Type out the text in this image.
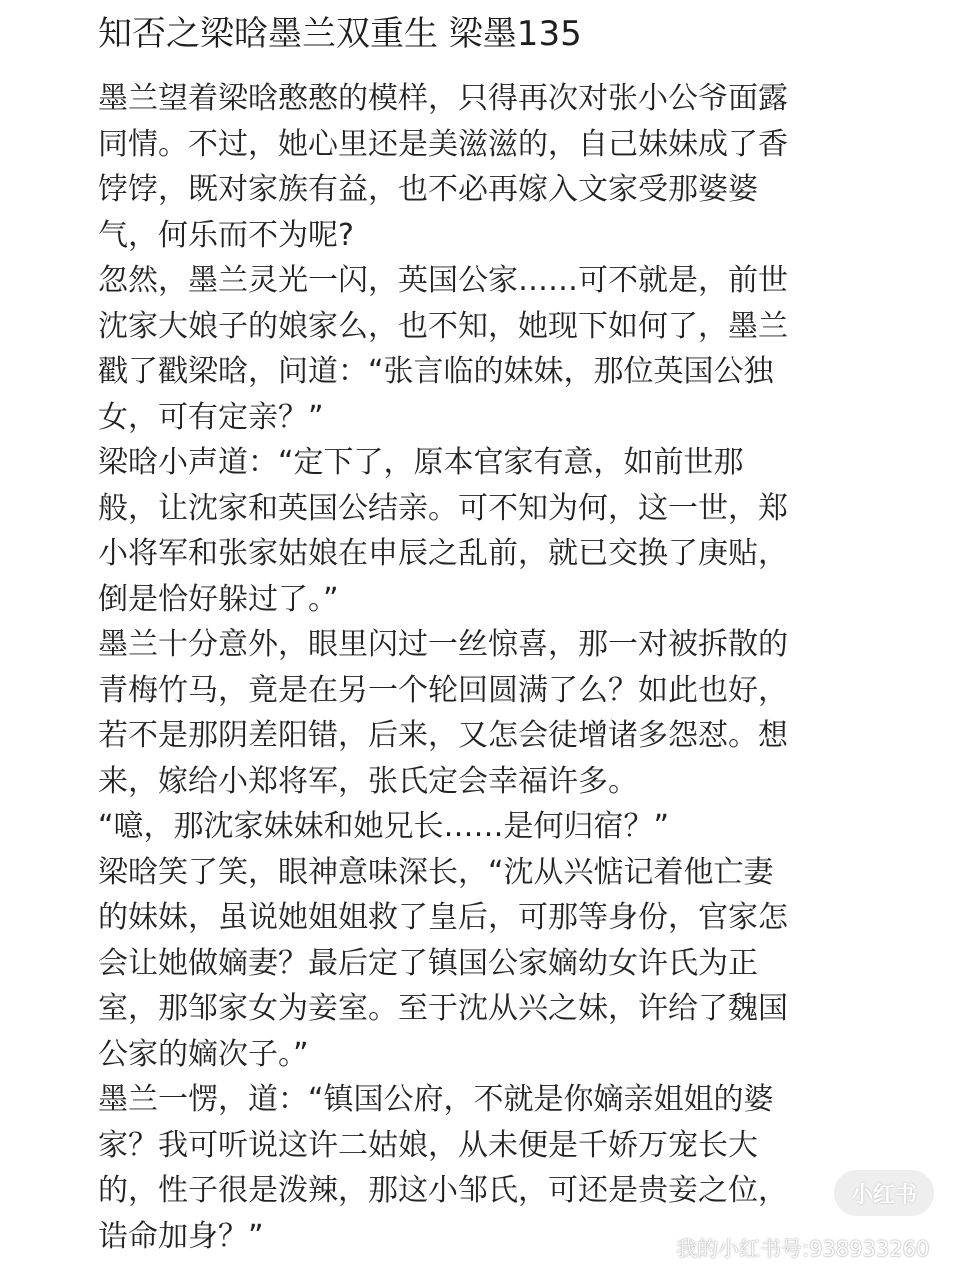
知否之梁晗墨兰双重生 梁墨135
墨兰望着梁晗憨憨的模样，只得再次对张小公爷面露
同情。不过，她心里还是美滋滋的，自己妹妹成了香
饽饽，既对家族有益，也不必再嫁入文家受那婆婆
气，何乐而不为呢?
忽然，墨兰灵光一闪，英国公家……可不就是，前世
沈家大娘子的娘家么，也不知，她现下如何了，墨兰
戳了戳梁晗，问道：“张言临的妹妹，那位英国公独
女，可有定亲？”
梁晗小声道：“定下了，原本官家有意，如前世那
般，让沈家和英国公结亲。可不知为何，这一世，郑
小将军和张家姑娘在申辰之乱前，就已交换了庚贴，
倒是恰好躲过了。”
墨兰十分意外，眼里闪过一丝惊喜，那一对被拆散的
青梅竹马，竟是在另一个轮回圆满了么？如此也好，
若不是那阴差阳错，后来，又怎会徒增诸多怨怼。想
来，嫁给小郑将军，张氏定会幸福许多。
“噫，那沈家妹妹和她兄长……是何归宿？”
梁晗笑了笑，眼神意味深长，“沈从兴惦记着他亡妻
的妹妹，虽说她姐姐救了皇后，可那等身份，官家怎
会让她做嫡妻？最后定了镇国公家嫡幼女许氏为正
室，那邹家女为妾室。至于沈从兴之妹，许给了魏国
公家的嫡次子。”
墨兰一愣，道：“镇国公府，不就是你嫡亲姐姐的婆
家？我可听说这许二姑娘，从未便是千娇万宠长大
的，性子很是泼辣，那这小邹氏，可还是贵妾之位，
诰命加身？”
小红书
我的小红书号:938933260
